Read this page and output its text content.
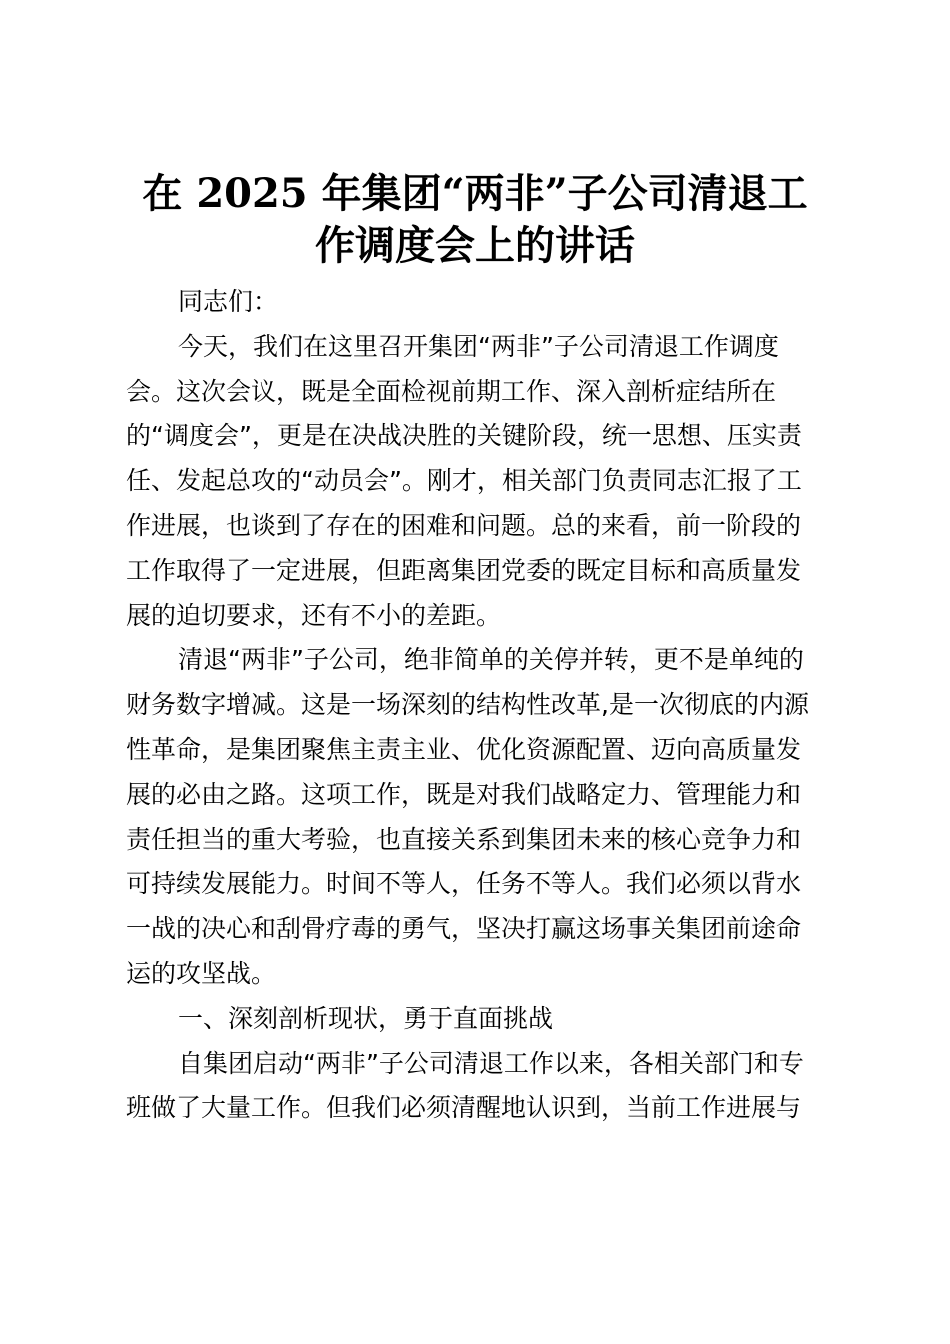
在 2025 年集团“两非”子公司清退工
作调度会上的讲话
同志们：
今天，我们在这里召开集团“两非”子公司清退工作调度
会。这次会议，既是全面检视前期工作、深入剖析症结所在
的“调度会”，更是在决战决胜的关键阶段，统一思想、压实责
任、发起总攻的“动员会”。刚才，相关部门负责同志汇报了工
作进展，也谈到了存在的困难和问题。总的来看，前一阶段的
工作取得了一定进展，但距离集团党委的既定目标和高质量发
展的迫切要求，还有不小的差距。
清退“两非”子公司，绝非简单的关停并转，更不是单纯的
财务数字增减。这是一场深刻的结构性改革,是一次彻底的内源
性革命，是集团聚焦主责主业、优化资源配置、迈向高质量发
展的必由之路。这项工作，既是对我们战略定力、管理能力和
责任担当的重大考验，也直接关系到集团未来的核心竞争力和
可持续发展能力。时间不等人，任务不等人。我们必须以背水
一战的决心和刮骨疗毒的勇气，坚决打赢这场事关集团前途命
运的攻坚战。
一、深刻剖析现状，勇于直面挑战
自集团启动“两非”子公司清退工作以来，各相关部门和专
班做了大量工作。但我们必须清醒地认识到，当前工作进展与
